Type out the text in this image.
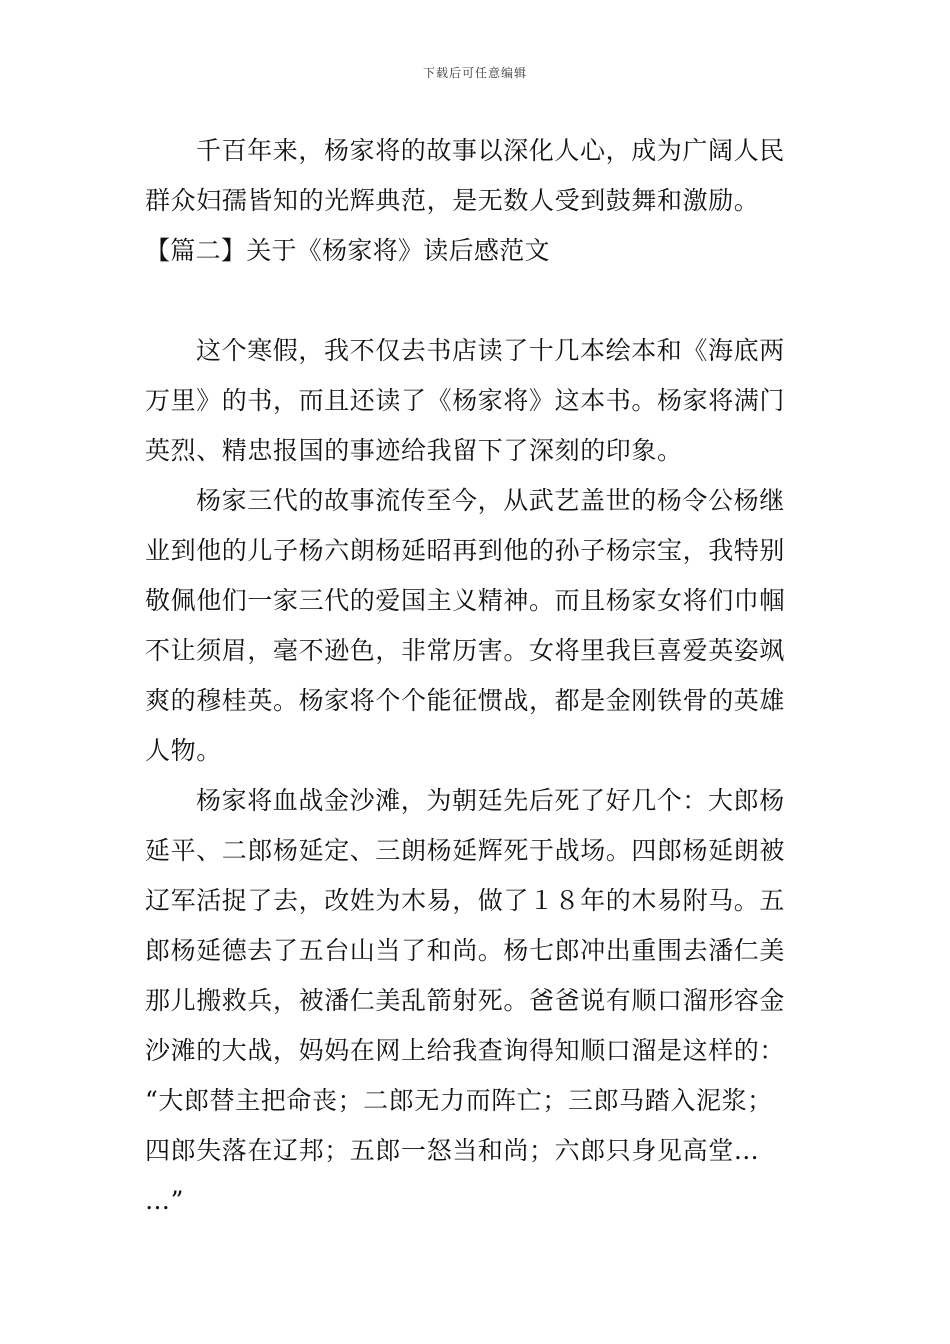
下载后可任意编辑
千百年来，杨家将的故事以深化人心，成为广阔人民
群众妇孺皆知的光辉典范，是无数人受到鼓舞和激励。
【篇二】关于《杨家将》读后感范文
这个寒假，我不仅去书店读了十几本绘本和《海底两
万里》的书，而且还读了《杨家将》这本书。杨家将满门
英烈、精忠报国的事迹给我留下了深刻的印象。
杨家三代的故事流传至今，从武艺盖世的杨令公杨继
业到他的儿子杨六朗杨延昭再到他的孙子杨宗宝，我特别
敬佩他们一家三代的爱国主义精神。而且杨家女将们巾帼
不让须眉，毫不逊色，非常历害。女将里我巨喜爱英姿飒
爽的穆桂英。杨家将个个能征惯战，都是金刚铁骨的英雄
人物。
杨家将血战金沙滩，为朝廷先后死了好几个：大郎杨
延平、二郎杨延定、三朗杨延辉死于战场。四郎杨延朗被
辽军活捉了去，改姓为木易，做了１８年的木易附马。五
郎杨延德去了五台山当了和尚。杨七郎冲出重围去潘仁美
那儿搬救兵，被潘仁美乱箭射死。爸爸说有顺口溜形容金
沙滩的大战，妈妈在网上给我查询得知顺口溜是这样的：
“大郎替主把命丧；二郎无力而阵亡；三郎马踏入泥浆；
四郎失落在辽邦；五郎一怒当和尚；六郎只身见高堂…
…”
